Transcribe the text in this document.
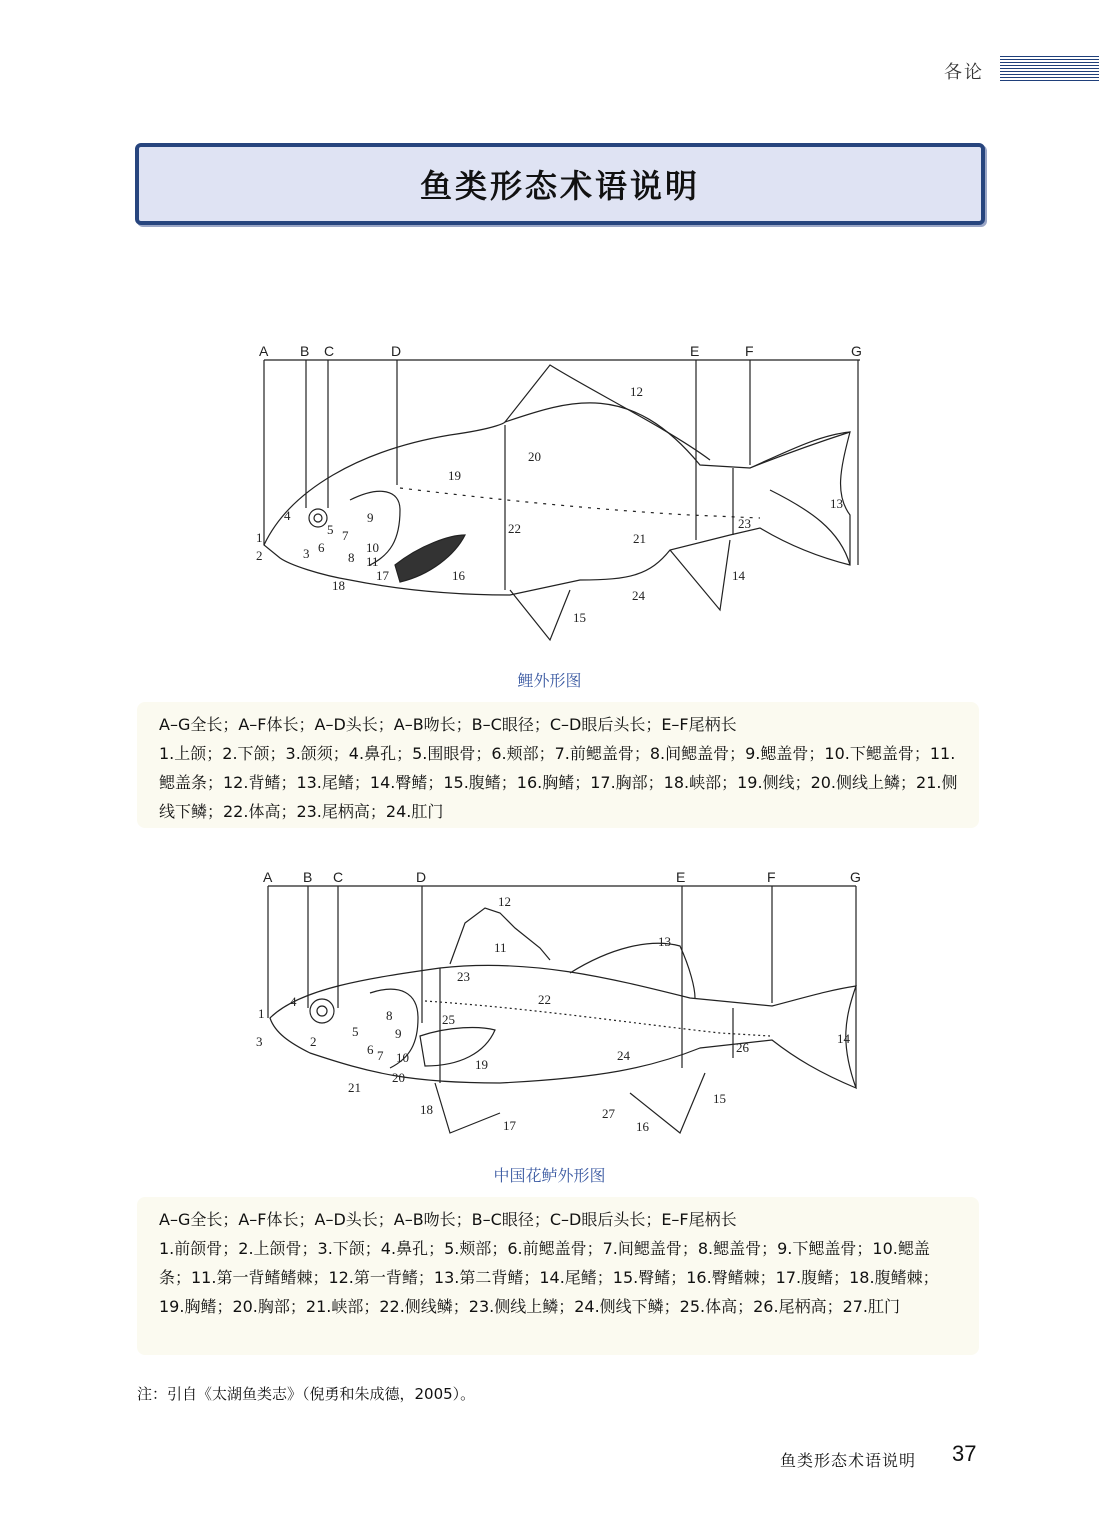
各论
鱼类形态术语说明
A B C	D	E	F	G
1
2	3
4
5
6
7
8
9
10
11
12
13
14
15
16
17
18
19
20
21
22	23
24
鲤外形图

A–G全长；A–F体长；A–D头长；A–B吻长；B–C眼径；C–D眼后头长；E–F尾柄长

1.上颌；2.下颌；3.颌须；4.鼻孔；5.围眼骨；6.颊部；7.前鳃盖骨；8.间鳃盖骨；9.鳃盖骨；10.下鳃盖骨；11.鳃盖条；12.背鳍；13.尾鳍；14.臀鳍；15.腹鳍；16.胸鳍；17.胸部；18.峡部；19.侧线；20.侧线上鳞；21.侧线下鳞；22.体高；23.尾柄高；24.肛门

A B C	D	E	F	G
1
2
3
4
5
6 7
8
9
10
11
12
13
14
15
16
17
18
19
20
21
22
23
24
25
26
27
中国花鲈外形图

A–G全长；A–F体长；A–D头长；A–B吻长；B–C眼径；C–D眼后头长；E–F尾柄长

1.前颌骨；2.上颌骨；3.下颌；4.鼻孔；5.颊部；6.前鳃盖骨；7.间鳃盖骨；8.鳃盖骨；9.下鳃盖骨；10.鳃盖条；11.第一背鳍鳍棘；12.第一背鳍；13.第二背鳍；14.尾鳍；15.臀鳍；16.臀鳍棘；17.腹鳍；18.腹鳍棘；19.胸鳍；20.胸部；21.峡部；22.侧线鳞；23.侧线上鳞；24.侧线下鳞；25.体高；26.尾柄高；27.肛门

注：引自《太湖鱼类志》（倪勇和朱成德，2005）。
鱼类形态术语说明 37
